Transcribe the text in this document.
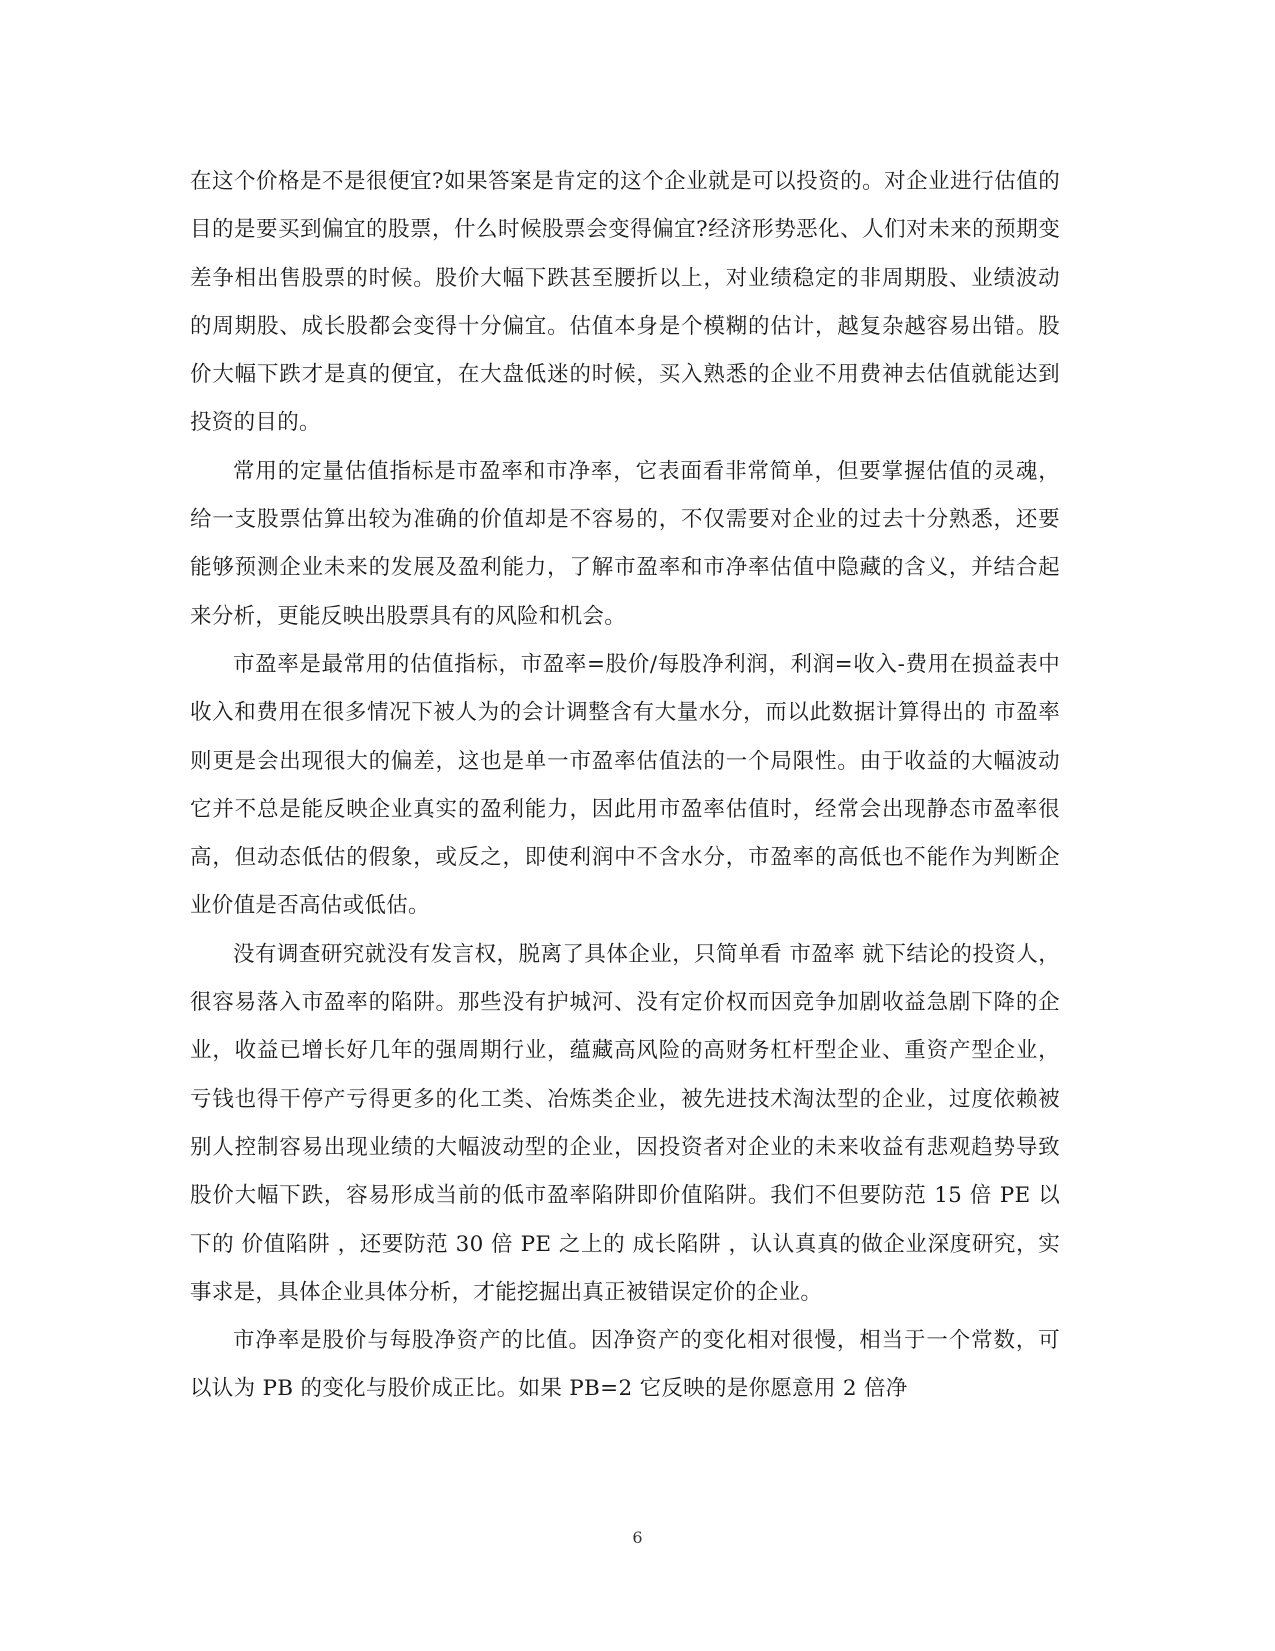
在这个价格是不是很便宜?如果答案是肯定的这个企业就是可以投资的。对企业进行估值的目的是要买到偏宜的股票，什么时候股票会变得偏宜?经济形势恶化、人们对未来的预期变差争相出售股票的时候。股价大幅下跌甚至腰折以上，对业绩稳定的非周期股、业绩波动的周期股、成长股都会变得十分偏宜。估值本身是个模糊的估计，越复杂越容易出错。股价大幅下跌才是真的便宜，在大盘低迷的时候，买入熟悉的企业不用费神去估值就能达到投资的目的。

常用的定量估值指标是市盈率和市净率，它表面看非常简单，但要掌握估值的灵魂，给一支股票估算出较为准确的价值却是不容易的，不仅需要对企业的过去十分熟悉，还要能够预测企业未来的发展及盈利能力，了解市盈率和市净率估值中隐藏的含义，并结合起来分析，更能反映出股票具有的风险和机会。

市盈率是最常用的估值指标，市盈率=股价/每股净利润，利润=收入-费用在损益表中收入和费用在很多情况下被人为的会计调整含有大量水分，而以此数据计算得出的 市盈率 则更是会出现很大的偏差，这也是单一市盈率估值法的一个局限性。由于收益的大幅波动它并不总是能反映企业真实的盈利能力，因此用市盈率估值时，经常会出现静态市盈率很高，但动态低估的假象，或反之，即使利润中不含水分，市盈率的高低也不能作为判断企业价值是否高估或低估。

没有调查研究就没有发言权，脱离了具体企业，只简单看 市盈率 就下结论的投资人，很容易落入市盈率的陷阱。那些没有护城河、没有定价权而因竞争加剧收益急剧下降的企业，收益已增长好几年的强周期行业，蕴藏高风险的高财务杠杆型企业、重资产型企业，亏钱也得干停产亏得更多的化工类、冶炼类企业，被先进技术淘汰型的企业，过度依赖被别人控制容易出现业绩的大幅波动型的企业，因投资者对企业的未来收益有悲观趋势导致股价大幅下跌，容易形成当前的低市盈率陷阱即价值陷阱。我们不但要防范 15 倍 PE 以下的 价值陷阱 ，还要防范 30 倍 PE 之上的 成长陷阱 ，认认真真的做企业深度研究，实事求是，具体企业具体分析，才能挖掘出真正被错误定价的企业。

市净率是股价与每股净资产的比值。因净资产的变化相对很慢，相当于一个常数，可以认为 PB 的变化与股价成正比。如果 PB=2 它反映的是你愿意用 2 倍净

6
